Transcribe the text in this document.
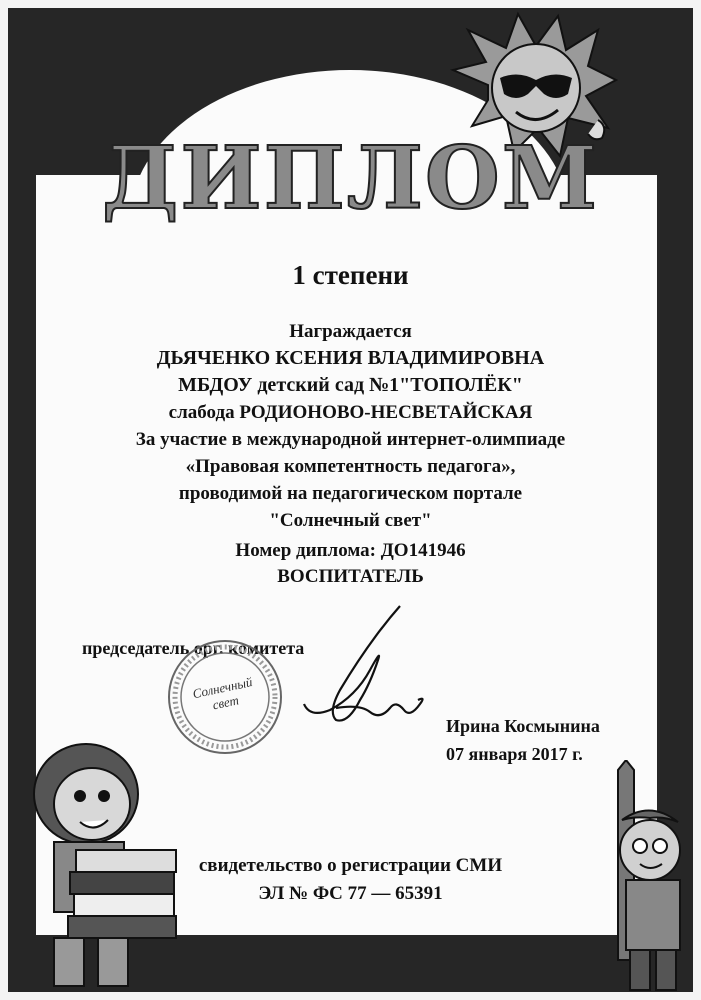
ДИПЛОМ
1 степени
Награждается
ДЬЯЧЕНКО КСЕНИЯ ВЛАДИМИРОВНА
МБДОУ детский сад №1"ТОПОЛЁК"
слабода РОДИОНОВО-НЕСВЕТАЙСКАЯ
За участие в международной интернет-олимпиаде
«Правовая компетентность педагога»,
проводимой на педагогическом портале
"Солнечный свет"
Номер диплома: ДО141946
ВОСПИТАТЕЛЬ
председатель орг. комитета
Солнечный свет
Ирина Космынина
07 января 2017 г.
свидетельство о регистрации СМИ
ЭЛ № ФС 77 — 65391
